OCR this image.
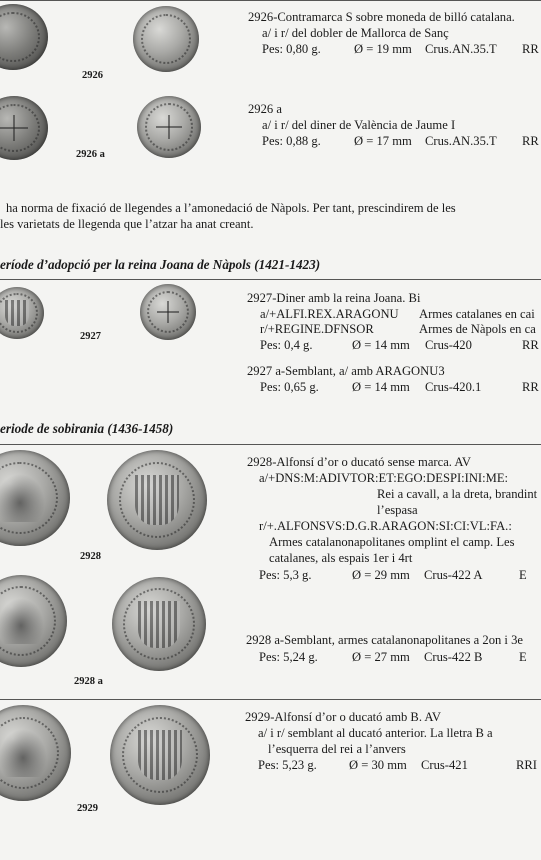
2926
2926-Contramarca S sobre moneda de billó catalana.
a/ i r/ del dobler de Mallorca de Sanç
Pes: 0,80 g.	Ø = 19 mm Crus.AN.35.T RR
2926 a
2926 a
a/ i r/ del diner de València de Jaume I
Pes: 0,88 g.	Ø = 17 mm Crus.AN.35.T RR
ha norma de fixació de llegendes a l’amonedació de Nàpols. Per tant, prescindirem de les
les varietats de llegenda que l’atzar ha anat creant.
eríode d’adopció per la reina Joana de Nàpols (1421-1423)
2927
2927-Diner amb la reina Joana. Bi
a/+ALFI.REX.ARAGONU Armes catalanes en cai
r/+REGINE.DFNSOR	Armes de Nàpols en ca
Pes: 0,4 g.	Ø = 14 mm Crus-420	RR
2927 a-Semblant, a/ amb ARAGONU3
Pes: 0,65 g.	Ø = 14 mm Crus-420.1	RR
eriode de sobirania (1436-1458)
2928
2928-Alfonsí d’or o ducató sense marca. AV
a/+DNS:M:ADIVTOR:ET:EGO:DESPI:INI:ME:
Rei a cavall, a la dreta, brandint
l’espasa
r/+.ALFONSVS:D.G.R.ARAGON:SI:CI:VL:FA.:
Armes catalanonapolitanes omplint el camp. Les
catalanes, als espais 1er i 4rt
Pes: 5,3 g.	Ø = 29 mm Crus-422 A	E
2928 a
2928 a-Semblant, armes catalanonapolitanes a 2on i 3e
Pes: 5,24 g.	Ø = 27 mm Crus-422 B	E
2929
2929-Alfonsí d’or o ducató amb B. AV
a/ i r/ semblant al ducató anterior. La lletra B a
l’esquerra del rei a l’anvers
Pes: 5,23 g.	Ø = 30 mm Crus-421	RRI
